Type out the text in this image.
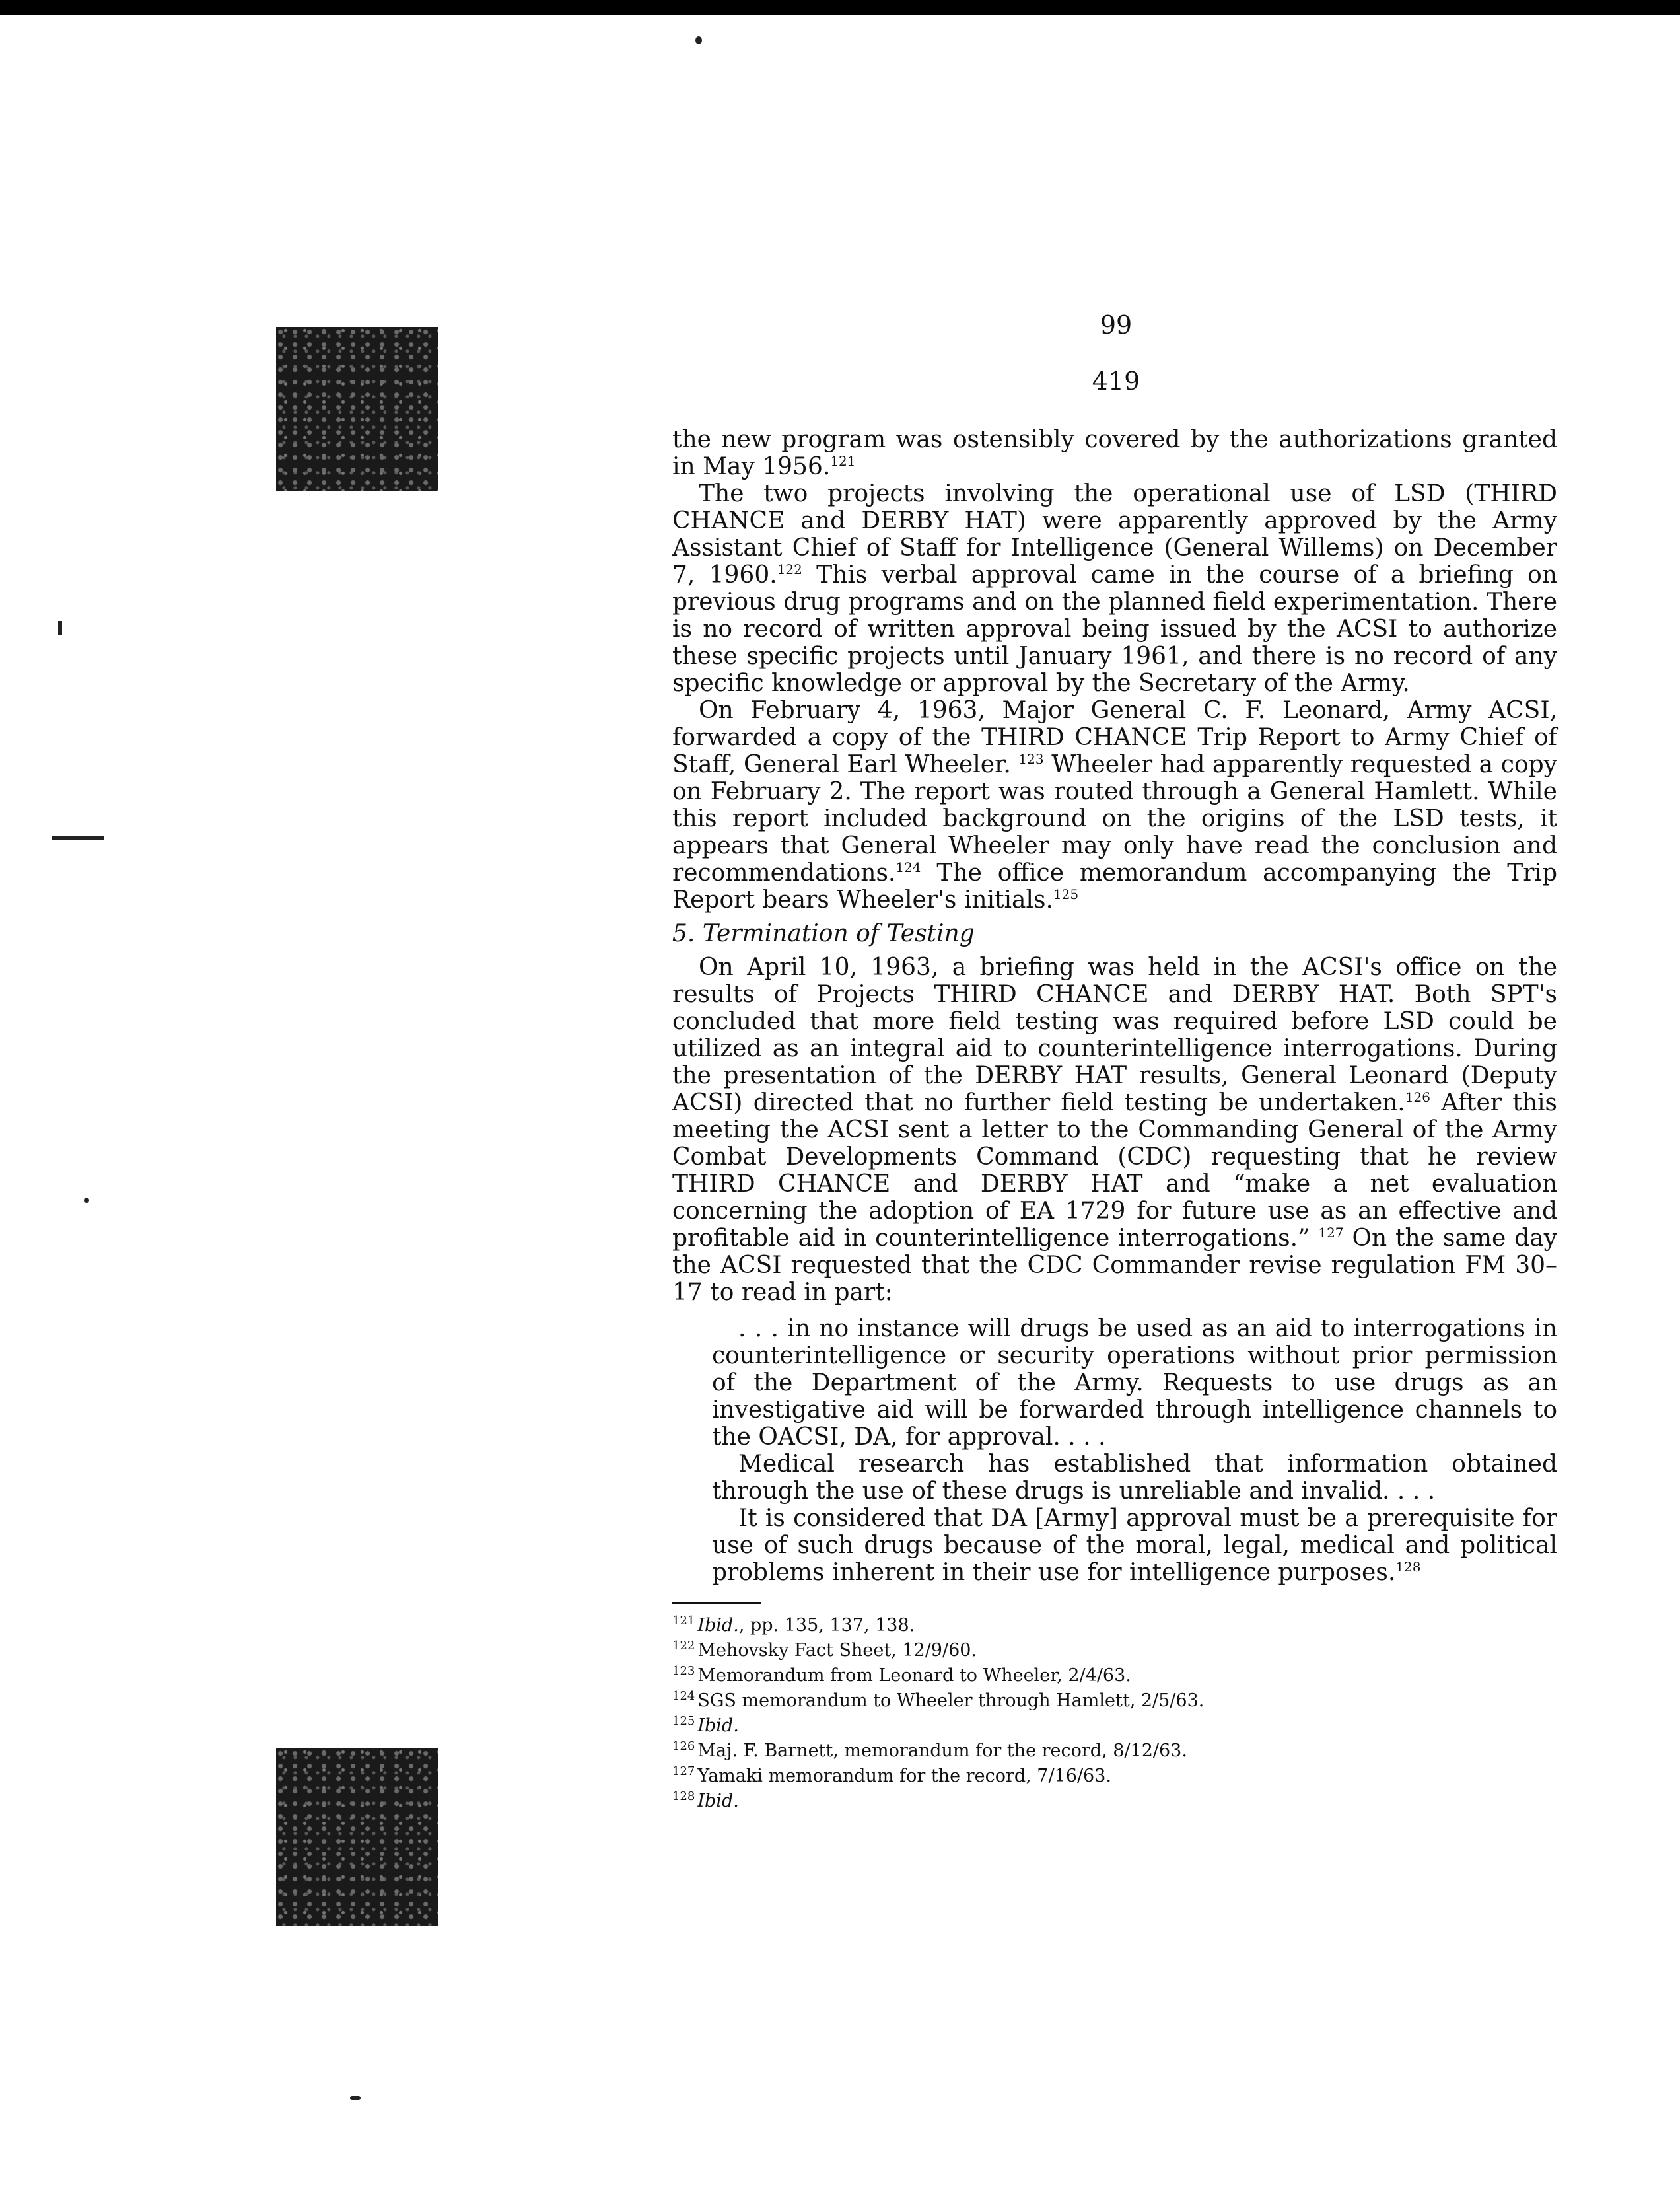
99
419

the new program was ostensibly covered by the authorizations granted in May 1956.$^{121}$

The two projects involving the operational use of LSD (THIRD CHANCE and DERBY HAT) were apparently approved by the Army Assistant Chief of Staff for Intelligence (General Willems) on December 7, 1960.$^{122}$ This verbal approval came in the course of a briefing on previous drug programs and on the planned field experimentation. There is no record of written approval being issued by the ACSI to authorize these specific projects until January 1961, and there is no record of any specific knowledge or approval by the Secretary of the Army.

On February 4, 1963, Major General C. F. Leonard, Army ACSI, forwarded a copy of the THIRD CHANCE Trip Report to Army Chief of Staff, General Earl Wheeler. $^{123}$ Wheeler had apparently requested a copy on February 2. The report was routed through a General Hamlett. While this report included background on the origins of the LSD tests, it appears that General Wheeler may only have read the conclusion and recommendations.$^{124}$ The office memorandum accompanying the Trip Report bears Wheeler's initials.$^{125}$

5. Termination of Testing

On April 10, 1963, a briefing was held in the ACSI's office on the results of Projects THIRD CHANCE and DERBY HAT. Both SPT's concluded that more field testing was required before LSD could be utilized as an integral aid to counterintelligence interrogations. During the presentation of the DERBY HAT results, General Leonard (Deputy ACSI) directed that no further field testing be undertaken.$^{126}$ After this meeting the ACSI sent a letter to the Commanding General of the Army Combat Developments Command (CDC) requesting that he review THIRD CHANCE and DERBY HAT and “make a net evaluation concerning the adoption of EA 1729 for future use as an effective and profitable aid in counterintelligence interrogations.” $^{127}$ On the same day the ACSI requested that the CDC Commander revise regulation FM 30–17 to read in part:

. . . in no instance will drugs be used as an aid to interrogations in counterintelligence or security operations without prior permission of the Department of the Army. Requests to use drugs as an investigative aid will be forwarded through intelligence channels to the OACSI, DA, for approval. . . .

Medical research has established that information obtained through the use of these drugs is unreliable and invalid. . . .

It is considered that DA [Army] approval must be a prerequisite for use of such drugs because of the moral, legal, medical and political problems inherent in their use for intelligence purposes.$^{128}$

$^{121}$ Ibid., pp. 135, 137, 138.

$^{122}$ Mehovsky Fact Sheet, 12/9/60.

$^{123}$ Memorandum from Leonard to Wheeler, 2/4/63.

$^{124}$ SGS memorandum to Wheeler through Hamlett, 2/5/63.

$^{125}$ Ibid.

$^{126}$ Maj. F. Barnett, memorandum for the record, 8/12/63.

$^{127}$ Yamaki memorandum for the record, 7/16/63.

$^{128}$ Ibid.
